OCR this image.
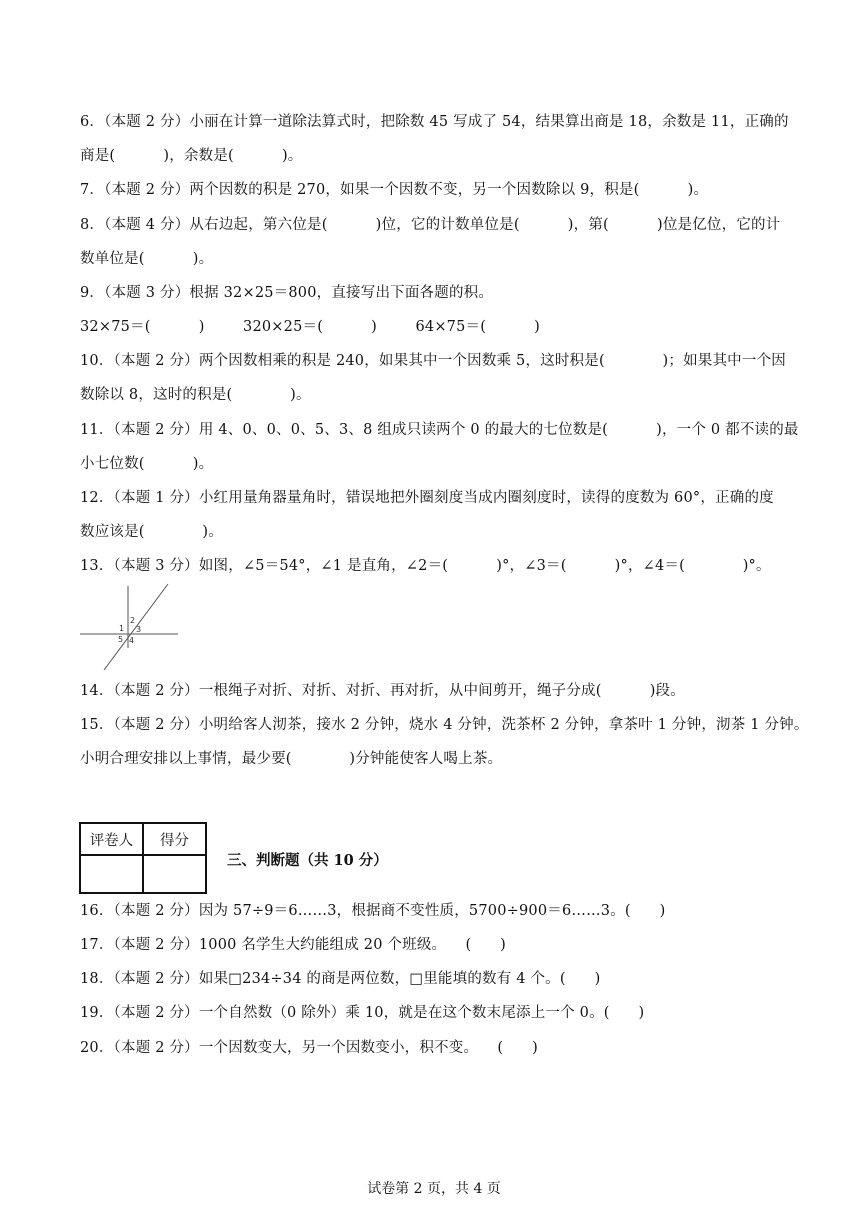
6．（本题 2 分）小丽在计算一道除法算式时，把除数 45 写成了 54，结果算出商是 18，余数是 11，正确的
商是(          )，余数是(          )。
7．（本题 2 分）两个因数的积是 270，如果一个因数不变，另一个因数除以 9，积是(          )。
8．（本题 4 分）从右边起，第六位是(          )位，它的计数单位是(          )，第(          )位是亿位，它的计
数单位是(          )。
9．（本题 3 分）根据 32×25＝800，直接写出下面各题的积。
32×75＝(          )        320×25＝(          )        64×75＝(          )
10．（本题 2 分）两个因数相乘的积是 240，如果其中一个因数乘 5，这时积是(            )；如果其中一个因
数除以 8，这时的积是(            )。
11．（本题 2 分）用 4、0、0、0、5、3、8 组成只读两个 0 的最大的七位数是(          )，一个 0 都不读的最
小七位数(          )。
12．（本题 1 分）小红用量角器量角时，错误地把外圈刻度当成内圈刻度时，读得的度数为 60°，正确的度
数应该是(            )。
13．（本题 3 分）如图，∠5＝54°，∠1 是直角，∠2＝(          )°，∠3＝(          )°，∠4＝(            )°。
1
2
3
5 4
14．（本题 2 分）一根绳子对折、对折、对折、再对折，从中间剪开，绳子分成(          )段。
15．（本题 2 分）小明给客人沏茶，接水 2 分钟，烧水 4 分钟，洗茶杯 2 分钟，拿茶叶 1 分钟，沏茶 1 分钟。
小明合理安排以上事情，最少要(            )分钟能使客人喝上茶。
评卷人	得分

三、判断题（共 10 分）
16．（本题 2 分）因为 57÷9＝6……3，根据商不变性质，5700÷900＝6……3。(      )
17．（本题 2 分）1000 名学生大约能组成 20 个班级。    (      )
18．（本题 2 分）如果□234÷34 的商是两位数，□里能填的数有 4 个。(      )
19．（本题 2 分）一个自然数（0 除外）乘 10，就是在这个数末尾添上一个 0。(      )
20．（本题 2 分）一个因数变大，另一个因数变小，积不变。    (      )
试卷第 2 页，共 4 页
